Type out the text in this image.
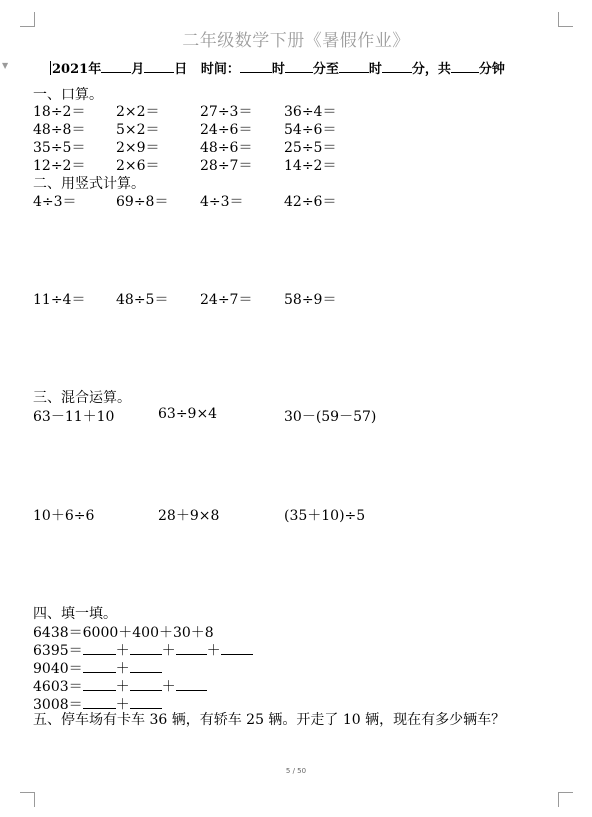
▼
二年级数学下册《暑假作业》
2021年 月 日 时间： 时 分至 时 分，共 分钟
一、口算。
18÷2＝ 2×2＝	27÷3＝ 36÷4＝
48÷8＝ 5×2＝	24÷6＝ 54÷6＝
35÷5＝ 2×9＝	48÷6＝ 25÷5＝
12÷2＝ 2×6＝	28÷7＝ 14÷2＝
二、用竖式计算。
4÷3＝	69÷8＝ 4÷3＝	42÷6＝
11÷4＝ 48÷5＝ 24÷7＝ 58÷9＝
三、混合运算。
63－11＋10	63÷9×4	30－(59－57)
10＋6÷6	28＋9×8	(35＋10)÷5
四、填一填。
6438＝6000＋400＋30＋8
6395＝ ＋ ＋ ＋
9040＝ ＋
4603＝ ＋ ＋
3008＝ ＋
五、停车场有卡车 36 辆，有轿车 25 辆。开走了 10 辆，现在有多少辆车？
5 / 50
